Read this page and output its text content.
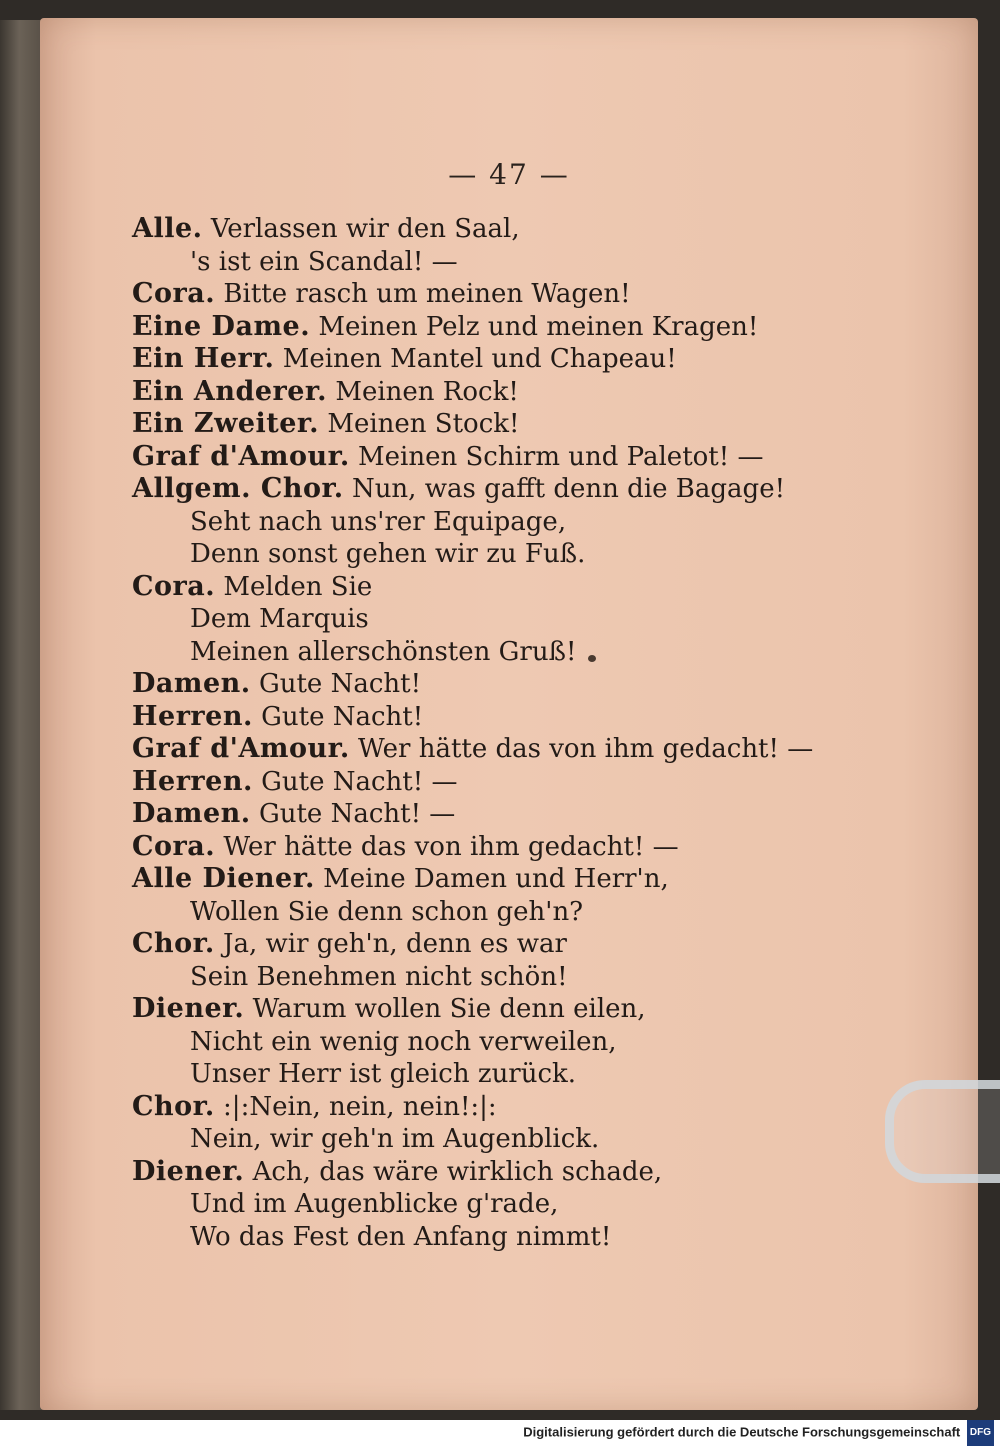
— 47 —
Alle. Verlassen wir den Saal,
's ist ein Scandal! —
Cora. Bitte rasch um meinen Wagen!
Eine Dame. Meinen Pelz und meinen Kragen!
Ein Herr. Meinen Mantel und Chapeau!
Ein Anderer. Meinen Rock!
Ein Zweiter. Meinen Stock!
Graf d'Amour. Meinen Schirm und Paletot! —
Allgem. Chor. Nun, was gafft denn die Bagage!
Seht nach uns'rer Equipage,
Denn sonst gehen wir zu Fuß.
Cora. Melden Sie
Dem Marquis
Meinen allerschönsten Gruß!
Damen. Gute Nacht!
Herren. Gute Nacht!
Graf d'Amour. Wer hätte das von ihm gedacht! —
Herren. Gute Nacht! —
Damen. Gute Nacht! —
Cora. Wer hätte das von ihm gedacht! —
Alle Diener. Meine Damen und Herr'n,
Wollen Sie denn schon geh'n?
Chor. Ja, wir geh'n, denn es war
Sein Benehmen nicht schön!
Diener. Warum wollen Sie denn eilen,
Nicht ein wenig noch verweilen,
Unser Herr ist gleich zurück.
Chor. :|:Nein, nein, nein!:|:
Nein, wir geh'n im Augenblick.
Diener. Ach, das wäre wirklich schade,
Und im Augenblicke g'rade,
Wo das Fest den Anfang nimmt!
Digitalisierung gefördert durch die Deutsche Forschungsgemeinschaft DFG
